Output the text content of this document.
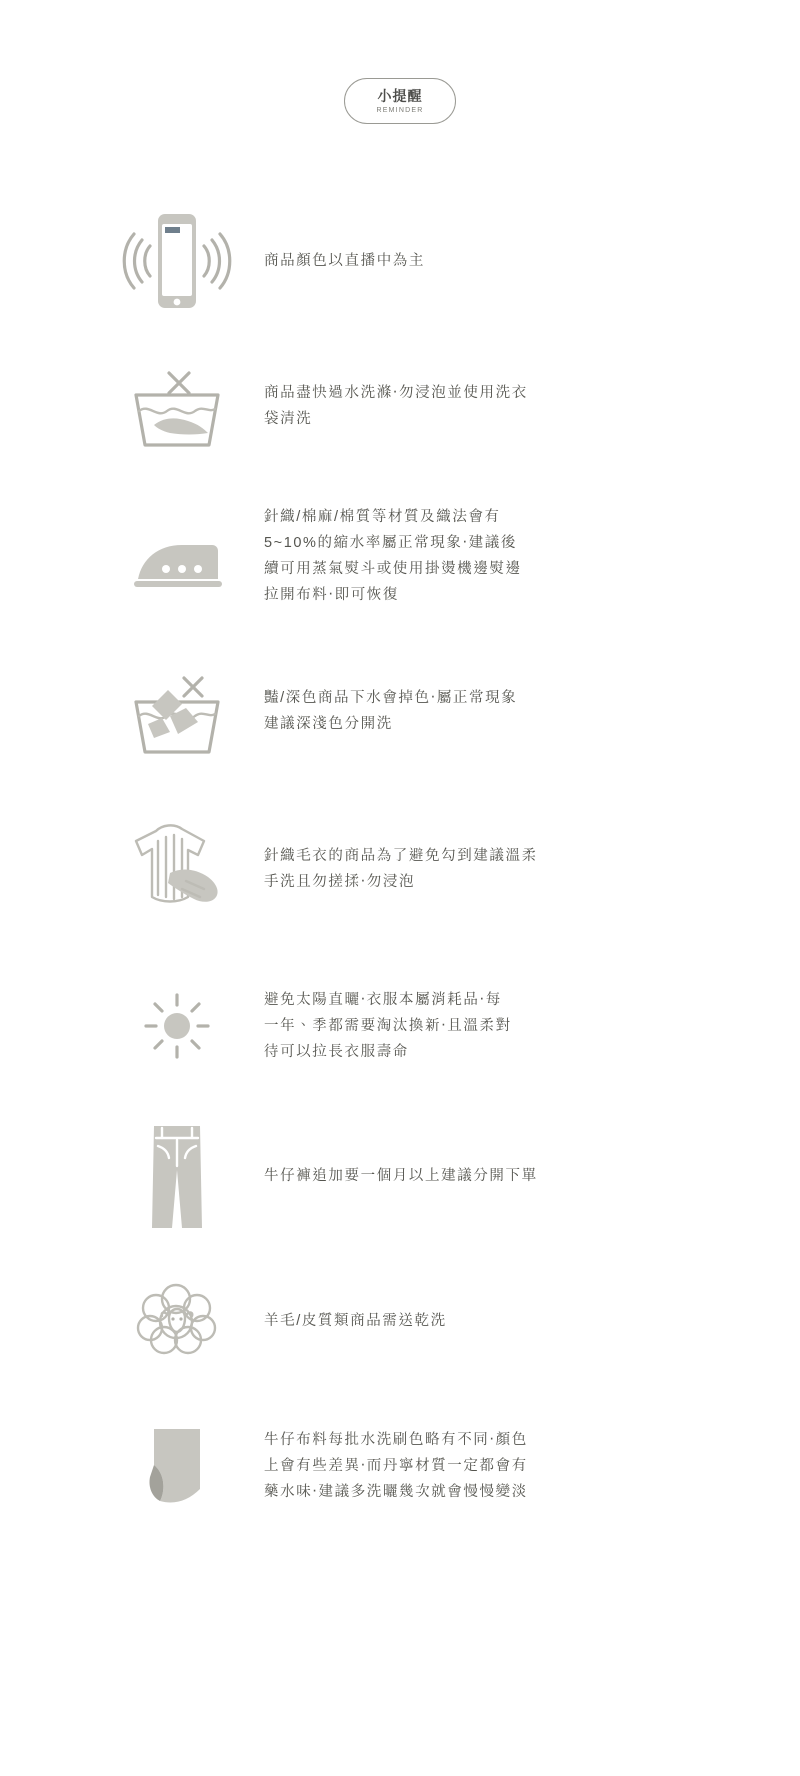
小提醒
REMINDER

商品顏色以直播中為主

商品盡快過水洗滌‧勿浸泡並使用洗衣

袋清洗

針織/棉麻/棉質等材質及織法會有

5~10%的縮水率屬正常現象‧建議後

續可用蒸氣熨斗或使用掛燙機邊熨邊

拉開布料‧即可恢復

豔/深色商品下水會掉色‧屬正常現象

建議深淺色分開洗

針織毛衣的商品為了避免勾到建議溫柔

手洗且勿搓揉‧勿浸泡

避免太陽直曬‧衣服本屬消耗品‧每

一年、季都需要淘汰換新‧且溫柔對

待可以拉長衣服壽命

牛仔褲追加要一個月以上建議分開下單

羊毛/皮質類商品需送乾洗

牛仔布料每批水洗刷色略有不同‧顏色

上會有些差異‧而丹寧材質一定都會有

藥水味‧建議多洗曬幾次就會慢慢變淡
